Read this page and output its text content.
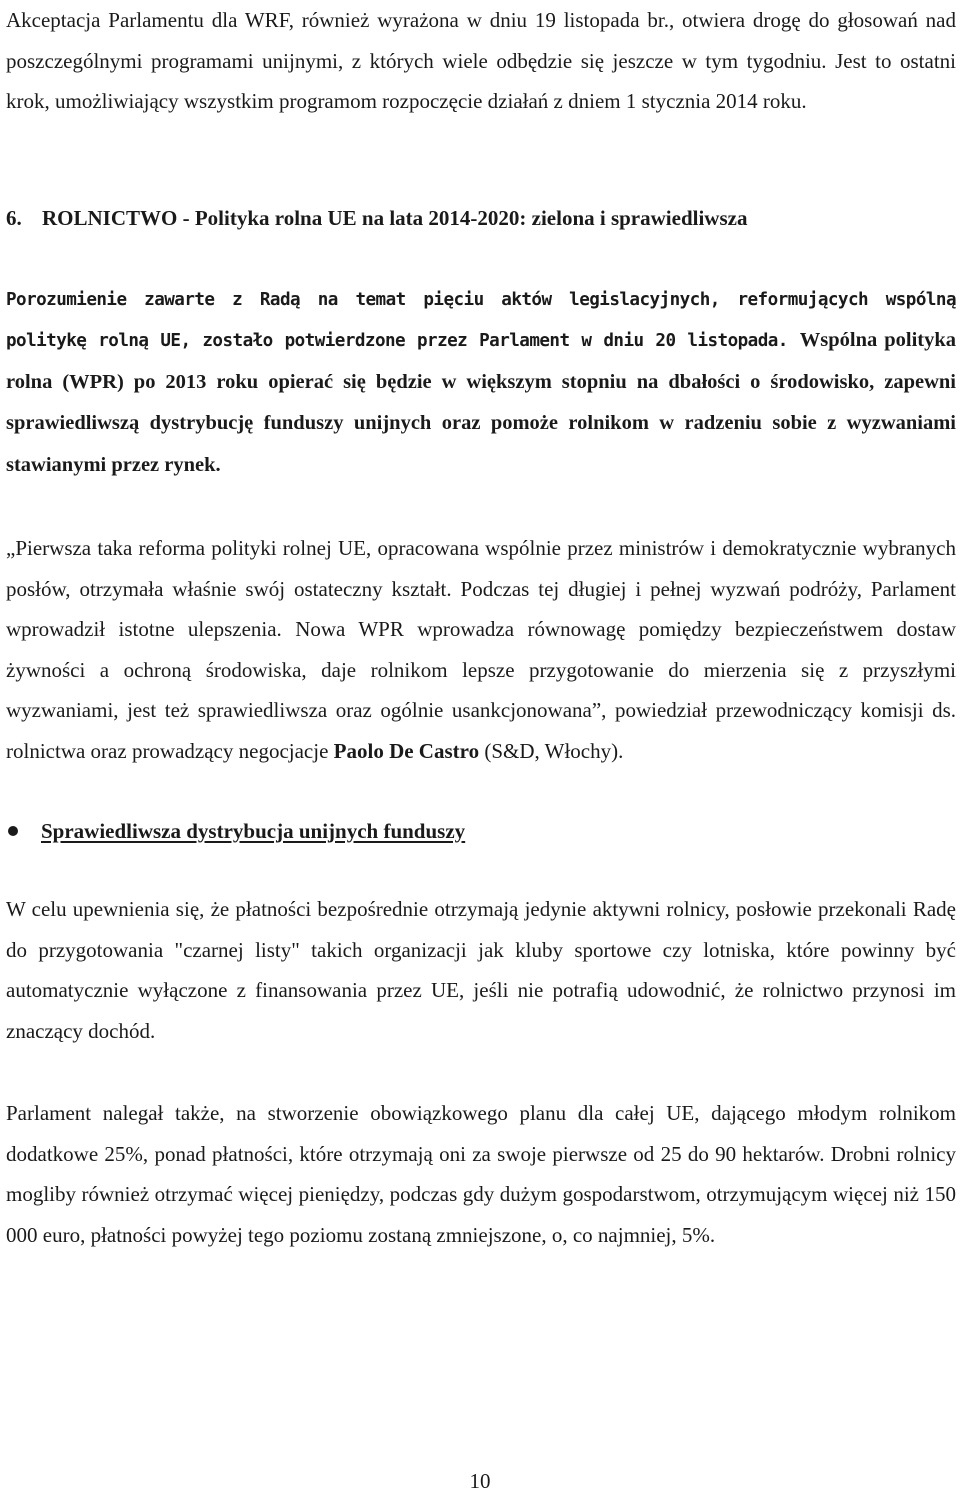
Akceptacja Parlamentu dla WRF, również wyrażona w dniu 19 listopada br., otwiera drogę do głosowań nad poszczególnymi programami unijnymi, z których wiele odbędzie się jeszcze w tym tygodniu. Jest to ostatni krok, umożliwiający wszystkim programom rozpoczęcie działań z dniem 1 stycznia 2014 roku.

6. ROLNICTWO - Polityka rolna UE na lata 2014-2020: zielona i sprawiedliwsza

Porozumienie zawarte z Radą na temat pięciu aktów legislacyjnych, reformujących wspólną politykę rolną UE, zostało potwierdzone przez Parlament w dniu 20 listopada. Wspólna polityka rolna (WPR) po 2013 roku opierać się będzie w większym stopniu na dbałości o środowisko, zapewni sprawiedliwszą dystrybucję funduszy unijnych oraz pomoże rolnikom w radzeniu sobie z wyzwaniami stawianymi przez rynek.

„Pierwsza taka reforma polityki rolnej UE, opracowana wspólnie przez ministrów i demokratycznie wybranych posłów, otrzymała właśnie swój ostateczny kształt. Podczas tej długiej i pełnej wyzwań podróży, Parlament wprowadził istotne ulepszenia. Nowa WPR wprowadza równowagę pomiędzy bezpieczeństwem dostaw żywności a ochroną środowiska, daje rolnikom lepsze przygotowanie do mierzenia się z przyszłymi wyzwaniami, jest też sprawiedliwsza oraz ogólnie usankcjonowana”, powiedział przewodniczący komisji ds. rolnictwa oraz prowadzący negocjacje Paolo De Castro (S&D, Włochy).

Sprawiedliwsza dystrybucja unijnych funduszy

W celu upewnienia się, że płatności bezpośrednie otrzymają jedynie aktywni rolnicy, posłowie przekonali Radę do przygotowania "czarnej listy" takich organizacji jak kluby sportowe czy lotniska, które powinny być automatycznie wyłączone z finansowania przez UE, jeśli nie potrafią udowodnić, że rolnictwo przynosi im znaczący dochód.

Parlament nalegał także, na stworzenie obowiązkowego planu dla całej UE, dającego młodym rolnikom dodatkowe 25%, ponad płatności, które otrzymają oni za swoje pierwsze od 25 do 90 hektarów. Drobni rolnicy mogliby również otrzymać więcej pieniędzy, podczas gdy dużym gospodarstwom, otrzymującym więcej niż 150 000 euro, płatności powyżej tego poziomu zostaną zmniejszone, o, co najmniej, 5%.

10
